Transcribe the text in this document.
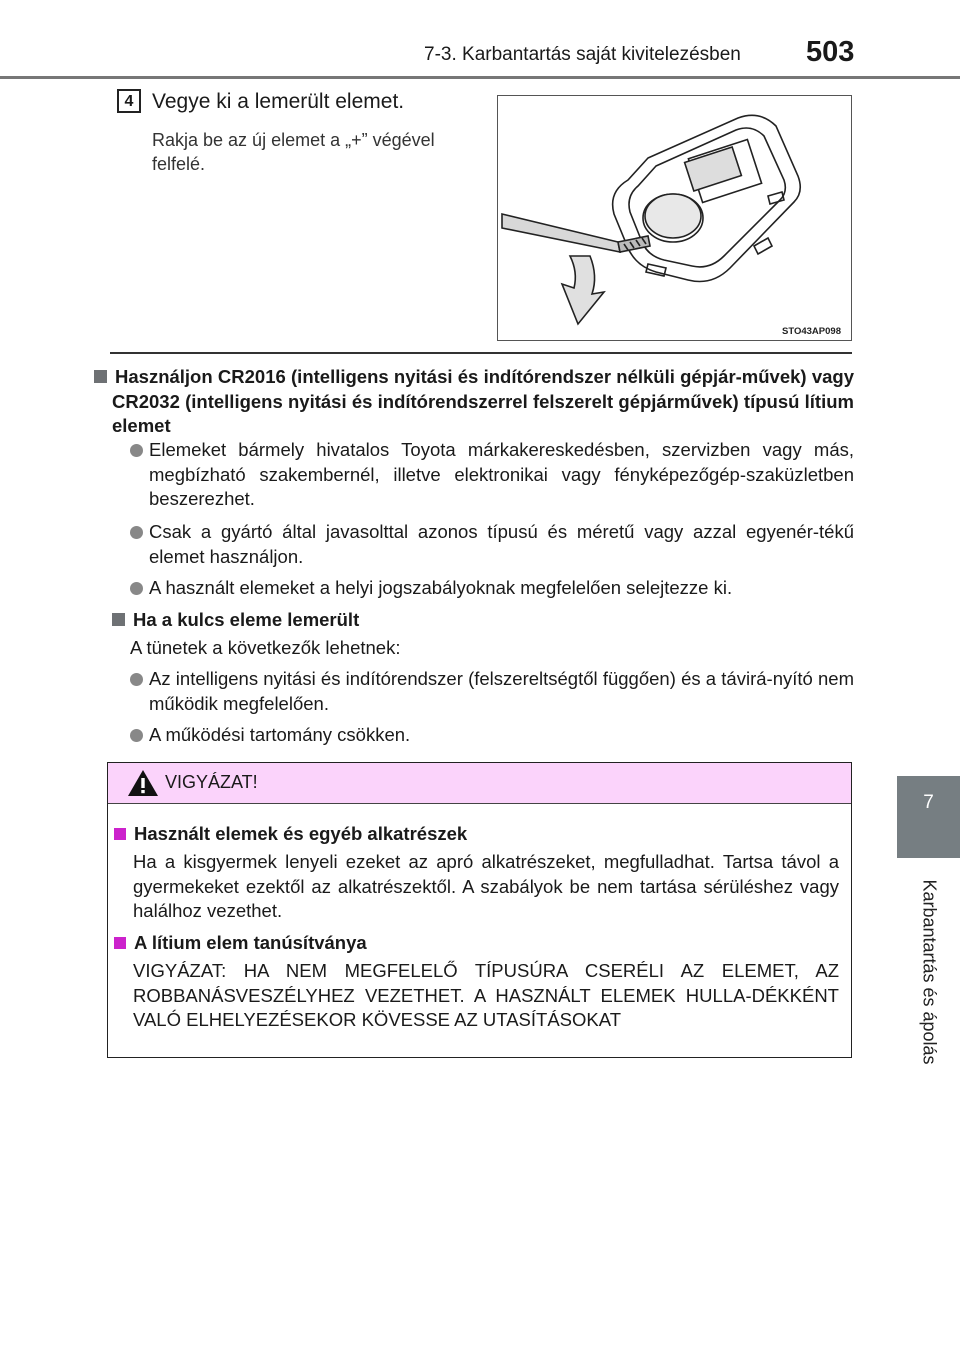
7-3. Karbantartás saját kivitelezésben 503
7
Karbantartás és ápolás
4 Vegye ki a lemerült elemet.
Rakja be az új elemet a „+” végével felfelé.
STO43AP098
Használjon CR2016 (intelligens nyitási és indítórendszer nélküli gépjár-művek) vagy CR2032 (intelligens nyitási és indítórendszerrel felszerelt gépjárművek) típusú lítium elemet
Elemeket bármely hivatalos Toyota márkakereskedésben, szervizben vagy más, megbízható szakembernél, illetve elektronikai vagy fényképezőgép-szaküzletben beszerezhet.
Csak a gyártó által javasolttal azonos típusú és méretű vagy azzal egyenér-tékű elemet használjon.
A használt elemeket a helyi jogszabályoknak megfelelően selejtezze ki.
Ha a kulcs eleme lemerült
A tünetek a következők lehetnek:
Az intelligens nyitási és indítórendszer (felszereltségtől függően) és a távirá-nyító nem működik megfelelően.
A működési tartomány csökken.
VIGYÁZAT!
Használt elemek és egyéb alkatrészek
Ha a kisgyermek lenyeli ezeket az apró alkatrészeket, megfulladhat. Tartsa távol a gyermekeket ezektől az alkatrészektől. A szabályok be nem tartása sérüléshez vagy halálhoz vezethet.
A lítium elem tanúsítványa
VIGYÁZAT: HA NEM MEGFELELŐ TÍPUSÚRA CSERÉLI AZ ELEMET, AZ ROBBANÁSVESZÉLYHEZ VEZETHET. A HASZNÁLT ELEMEK HULLA-DÉKKÉNT VALÓ ELHELYEZÉSEKOR KÖVESSE AZ UTASÍTÁSOKAT
